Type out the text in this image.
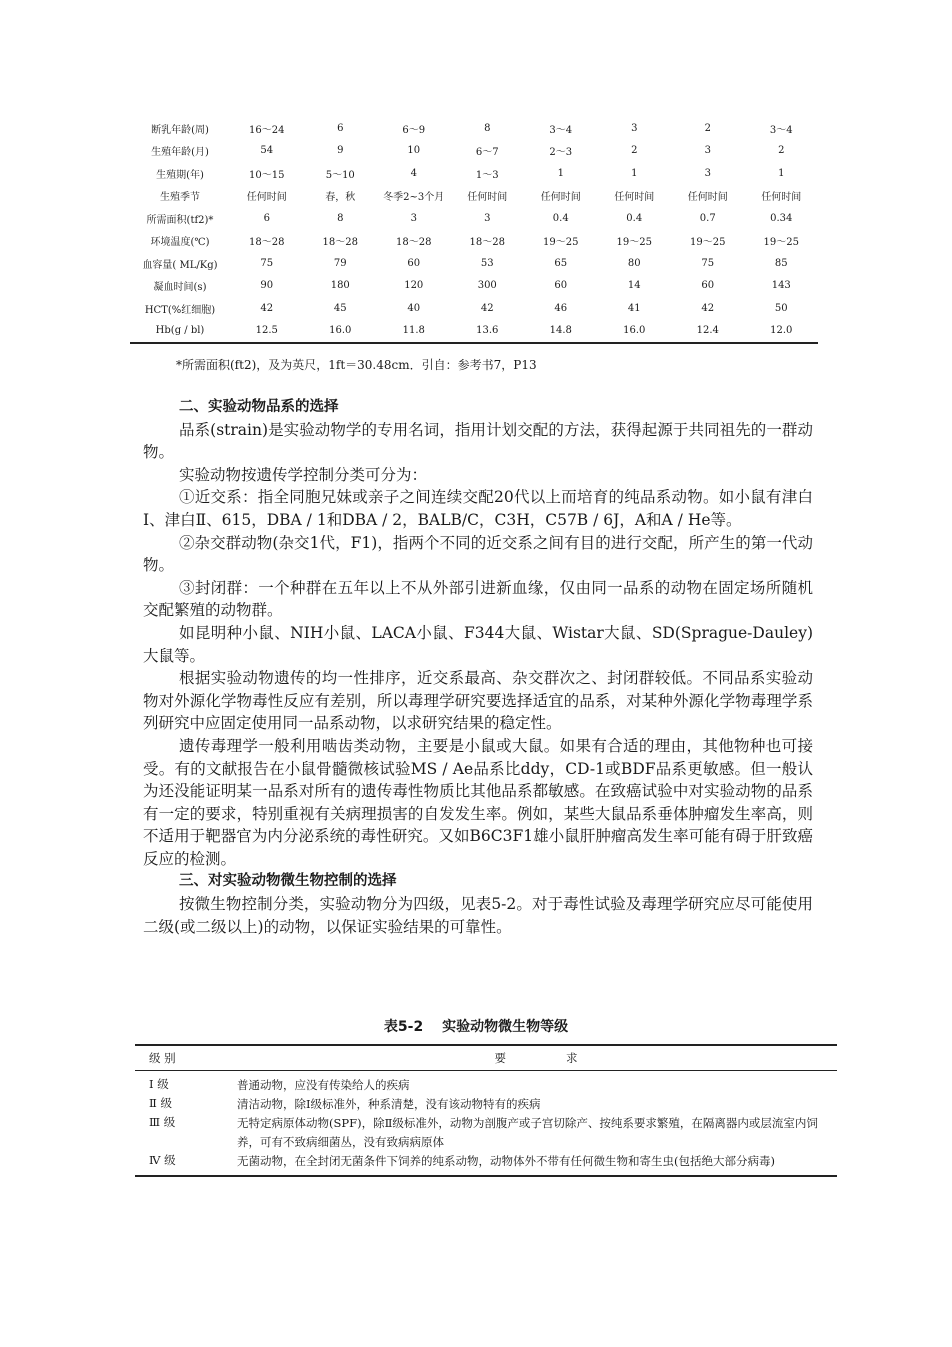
断乳年龄(周)	16～24	6	6～9	8	3～4	3	2	3～4
生殖年龄(月)	54	9	10	6～7	2～3	2	3	2
生殖期(年)	10～15	5～10	4	1～3	1	1	3	1
生殖季节	任何时间	春，秋	冬季2~3个月	任何时间	任何时间	任何时间	任何时间	任何时间
所需面积(tf2)*	6	8	3	3	0.4	0.4	0.7	0.34
环境温度(℃)	18～28	18～28	18～28	18～28	19～25	19～25	19～25	19～25
血容量( ML/Kg)	75	79	60	53	65	80	75	85
凝血时间(s)	90	180	120	300	60	14	60	143
HCT(%红细胞)	42	45	40	42	46	41	42	50
Hb(g / bl)	12.5	16.0	11.8	13.6	14.8	16.0	12.4	12.0
*所需面积(ft2)，及为英尺，1ft＝30.48cm．引自：参考书7，P13

二、实验动物品系的选择

品系(strain)是实验动物学的专用名词，指用计划交配的方法，获得起源于共同祖先的一群动物。

实验动物按遗传学控制分类可分为：

①近交系：指全同胞兄妹或亲子之间连续交配20代以上而培育的纯品系动物。如小鼠有津白I、津白Ⅱ、615，DBA / 1和DBA / 2，BALB/C，C3H，C57B / 6J，A和A / He等。

②杂交群动物(杂交1代，F1)，指两个不同的近交系之间有目的进行交配，所产生的第一代动物。

③封闭群：一个种群在五年以上不从外部引进新血缘，仅由同一品系的动物在固定场所随机交配繁殖的动物群。

如昆明种小鼠、NIH小鼠、LACA小鼠、F344大鼠、Wistar大鼠、SD(Sprague-Dauley)大鼠等。

根据实验动物遗传的均一性排序，近交系最高、杂交群次之、封闭群较低。不同品系实验动物对外源化学物毒性反应有差别，所以毒理学研究要选择适宜的品系，对某种外源化学物毒理学系列研究中应固定使用同一品系动物，以求研究结果的稳定性。

遗传毒理学一般利用啮齿类动物，主要是小鼠或大鼠。如果有合适的理由，其他物种也可接受。有的文献报告在小鼠骨髓微核试验MS / Ae品系比ddy，CD-1或BDF品系更敏感。但一般认为还没能证明某一品系对所有的遗传毒性物质比其他品系都敏感。在致癌试验中对实验动物的品系有一定的要求，特别重视有关病理损害的自发发生率。例如，某些大鼠品系垂体肿瘤发生率高，则不适用于靶器官为内分泌系统的毒性研究。又如B6C3F1雄小鼠肝肿瘤高发生率可能有碍于肝致癌反应的检测。

三、对实验动物微生物控制的选择

按微生物控制分类，实验动物分为四级，见表5-2。对于毒性试验及毒理学研究应尽可能使用二级(或二级以上)的动物，以保证实验结果的可靠性。

表5-2　 实验动物微生物等级
级 别	要 求
Ⅰ 级	普通动物，应没有传染给人的疾病
Ⅱ 级	清洁动物，除Ⅰ级标准外，种系清楚，没有该动物特有的疾病
Ⅲ 级	无特定病原体动物(SPF)，除Ⅱ级标准外，动物为剖腹产或子宫切除产、按纯系要求繁殖，在隔离器内或层流室内饲养，可有不致病细菌丛，没有致病病原体
Ⅳ 级	无菌动物，在全封闭无菌条件下饲养的纯系动物，动物体外不带有任何微生物和寄生虫(包括绝大部分病毒)
